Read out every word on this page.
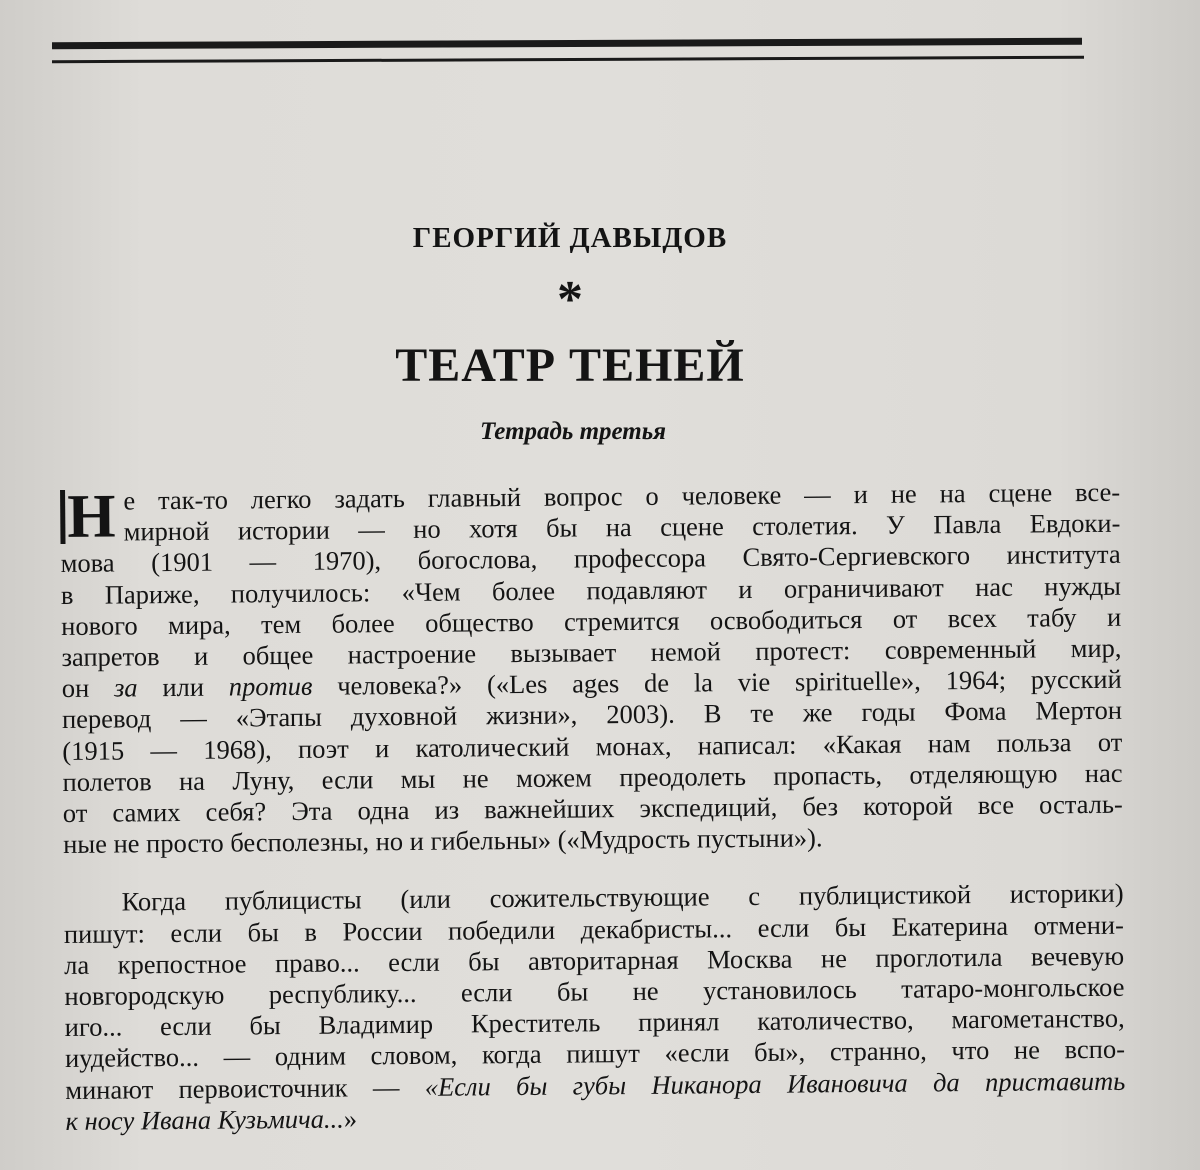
ГЕОРГИЙ ДАВЫДОВ
*
ТЕАТР ТЕНЕЙ
Тетрадь третья
Н е так-то легко задать главный вопрос о человеке — и не на сцене все-
мирной истории — но хотя бы на сцене столетия. У Павла Евдоки-
мова (1901 — 1970), богослова, профессора Свято-Сергиевского института
в Париже, получилось: «Чем более подавляют и ограничивают нас нужды
нового мира, тем более общество стремится освободиться от всех табу и
запретов и общее настроение вызывает немой протест: современный мир,
он за или против человека?» («Les ages de la vie spirituelle», 1964; русский
перевод — «Этапы духовной жизни», 2003). В те же годы Фома Мертон
(1915 — 1968), поэт и католический монах, написал: «Какая нам польза от
полетов на Луну, если мы не можем преодолеть пропасть, отделяющую нас
от самих себя? Эта одна из важнейших экспедиций, без которой все осталь-
ные не просто бесполезны, но и гибельны» («Мудрость пустыни»).
Когда публицисты (или сожительствующие с публицистикой историки)
пишут: если бы в России победили декабристы... если бы Екатерина отмени-
ла крепостное право... если бы авторитарная Москва не проглотила вечевую
новгородскую республику... если бы не установилось татаро-монгольское
иго... если бы Владимир Креститель принял католичество, магометанство,
иудейство... — одним словом, когда пишут «если бы», странно, что не вспо-
минают первоисточник — «Если бы губы Никанора Ивановича да приставить
к носу Ивана Кузьмича...»
